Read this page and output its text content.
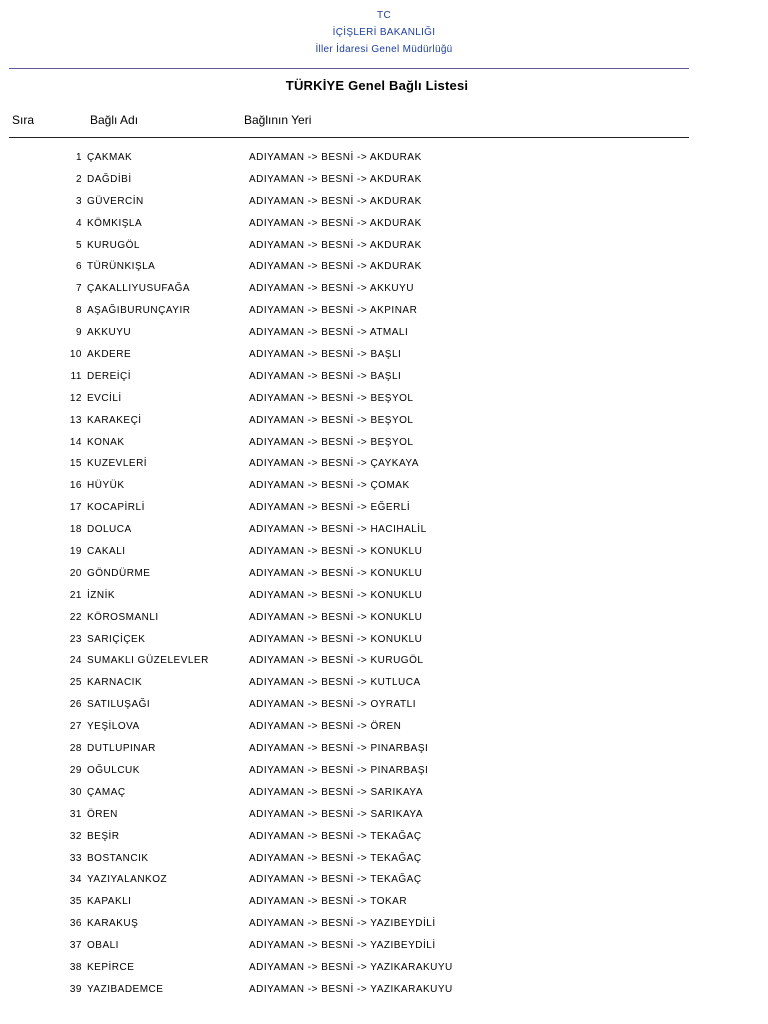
TC
İÇİŞLERİ BAKANLIĞI
İller İdaresi Genel Müdürlüğü
TÜRKİYE Genel Bağlı Listesi
Sıra	Bağlı Adı	Bağlının Yeri
1 ÇAKMAK	ADIYAMAN -> BESNİ -> AKDURAK
2 DAĞDİBİ	ADIYAMAN -> BESNİ -> AKDURAK
3 GÜVERCİN	ADIYAMAN -> BESNİ -> AKDURAK
4 KÖMKIŞLA	ADIYAMAN -> BESNİ -> AKDURAK
5 KURUGÖL	ADIYAMAN -> BESNİ -> AKDURAK
6 TÜRÜNKIŞLA	ADIYAMAN -> BESNİ -> AKDURAK
7 ÇAKALLIYUSUFAĞA	ADIYAMAN -> BESNİ -> AKKUYU
8 AŞAĞIBURUNÇAYIR	ADIYAMAN -> BESNİ -> AKPINAR
9 AKKUYU	ADIYAMAN -> BESNİ -> ATMALI
10 AKDERE	ADIYAMAN -> BESNİ -> BAŞLI
11 DEREİÇİ	ADIYAMAN -> BESNİ -> BAŞLI
12 EVCİLİ	ADIYAMAN -> BESNİ -> BEŞYOL
13 KARAKEÇİ	ADIYAMAN -> BESNİ -> BEŞYOL
14 KONAK	ADIYAMAN -> BESNİ -> BEŞYOL
15 KUZEVLERİ	ADIYAMAN -> BESNİ -> ÇAYKAYA
16 HÜYÜK	ADIYAMAN -> BESNİ -> ÇOMAK
17 KOCAPİRLİ	ADIYAMAN -> BESNİ -> EĞERLİ
18 DOLUCA	ADIYAMAN -> BESNİ -> HACIHALİL
19 CAKALI	ADIYAMAN -> BESNİ -> KONUKLU
20 GÖNDÜRME	ADIYAMAN -> BESNİ -> KONUKLU
21 İZNİK	ADIYAMAN -> BESNİ -> KONUKLU
22 KÖROSMANLI	ADIYAMAN -> BESNİ -> KONUKLU
23 SARIÇİÇEK	ADIYAMAN -> BESNİ -> KONUKLU
24 SUMAKLI GÜZELEVLER	ADIYAMAN -> BESNİ -> KURUGÖL
25 KARNACIK	ADIYAMAN -> BESNİ -> KUTLUCA
26 SATILUŞAĞI	ADIYAMAN -> BESNİ -> OYRATLI
27 YEŞİLOVA	ADIYAMAN -> BESNİ -> ÖREN
28 DUTLUPINAR	ADIYAMAN -> BESNİ -> PINARBAŞI
29 OĞULCUK	ADIYAMAN -> BESNİ -> PINARBAŞI
30 ÇAMAÇ	ADIYAMAN -> BESNİ -> SARIKAYA
31 ÖREN	ADIYAMAN -> BESNİ -> SARIKAYA
32 BEŞİR	ADIYAMAN -> BESNİ -> TEKAĞAÇ
33 BOSTANCIK	ADIYAMAN -> BESNİ -> TEKAĞAÇ
34 YAZIYALANKOZ	ADIYAMAN -> BESNİ -> TEKAĞAÇ
35 KAPAKLI	ADIYAMAN -> BESNİ -> TOKAR
36 KARAKUŞ	ADIYAMAN -> BESNİ -> YAZIBEYDİLİ
37 OBALI	ADIYAMAN -> BESNİ -> YAZIBEYDİLİ
38 KEPİRCE	ADIYAMAN -> BESNİ -> YAZIKARAKUYU
39 YAZIBADEMCE	ADIYAMAN -> BESNİ -> YAZIKARAKUYU
